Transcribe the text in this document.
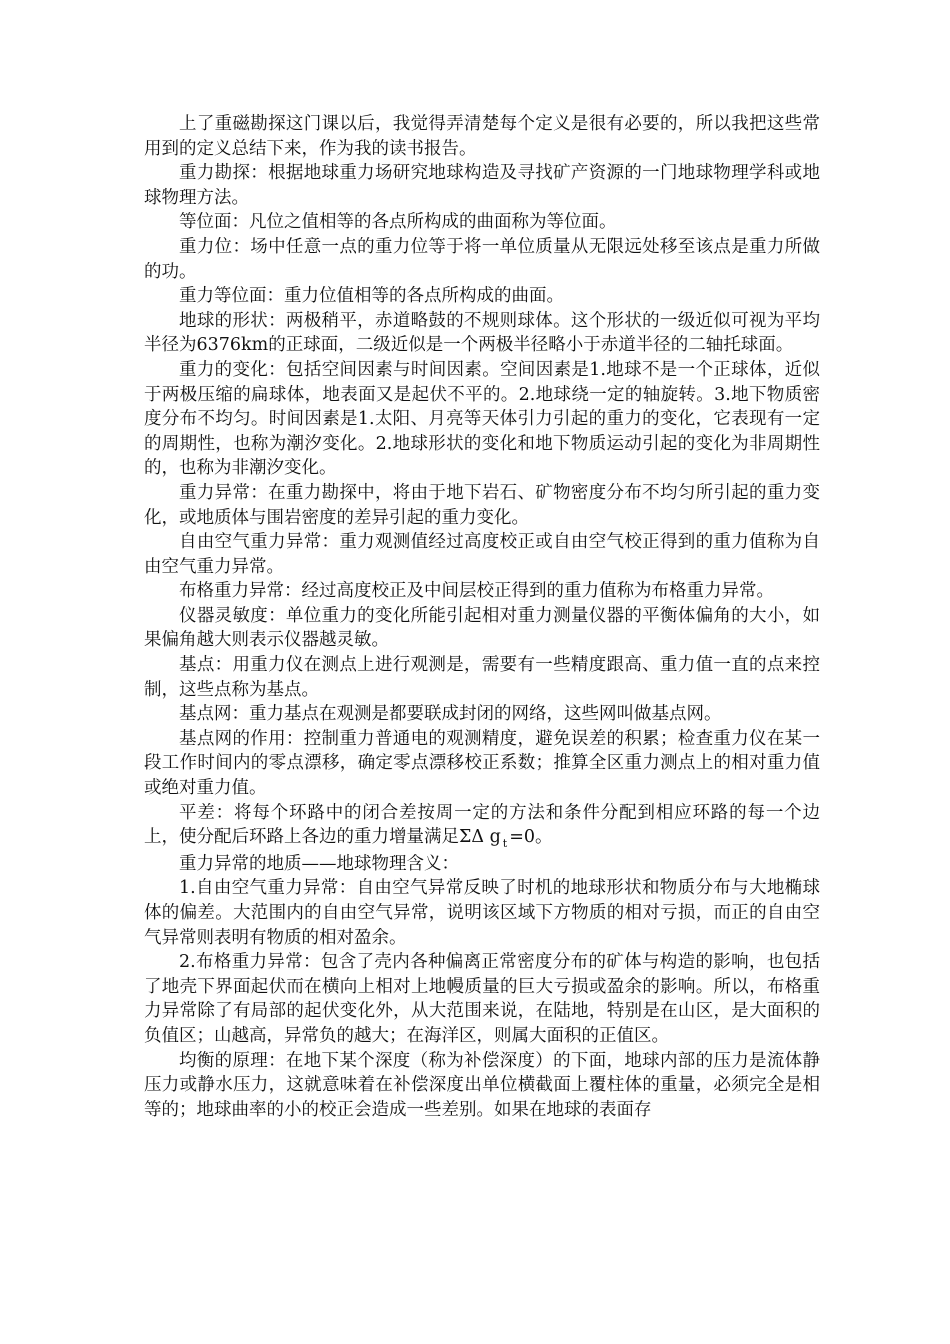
上了重磁勘探这门课以后，我觉得弄清楚每个定义是很有必要的，所以我把这些常用到的定义总结下来，作为我的读书报告。

重力勘探：根据地球重力场研究地球构造及寻找矿产资源的一门地球物理学科或地球物理方法。

等位面：凡位之值相等的各点所构成的曲面称为等位面。

重力位：场中任意一点的重力位等于将一单位质量从无限远处移至该点是重力所做的功。

重力等位面：重力位值相等的各点所构成的曲面。

地球的形状：两极稍平，赤道略鼓的不规则球体。这个形状的一级近似可视为平均半径为6376km的正球面，二级近似是一个两极半径略小于赤道半径的二轴托球面。

重力的变化：包括空间因素与时间因素。空间因素是1.地球不是一个正球体，近似于两极压缩的扁球体，地表面又是起伏不平的。2.地球绕一定的轴旋转。3.地下物质密度分布不均匀。时间因素是1.太阳、月亮等天体引力引起的重力的变化，它表现有一定的周期性，也称为潮汐变化。2.地球形状的变化和地下物质运动引起的变化为非周期性的，也称为非潮汐变化。

重力异常：在重力勘探中，将由于地下岩石、矿物密度分布不均匀所引起的重力变化，或地质体与围岩密度的差异引起的重力变化。

自由空气重力异常：重力观测值经过高度校正或自由空气校正得到的重力值称为自由空气重力异常。

布格重力异常：经过高度校正及中间层校正得到的重力值称为布格重力异常。

仪器灵敏度：单位重力的变化所能引起相对重力测量仪器的平衡体偏角的大小，如果偏角越大则表示仪器越灵敏。

基点：用重力仪在测点上进行观测是，需要有一些精度跟高、重力值一直的点来控制，这些点称为基点。

基点网：重力基点在观测是都要联成封闭的网络，这些网叫做基点网。

基点网的作用：控制重力普通电的观测精度，避免误差的积累；检查重力仪在某一段工作时间内的零点漂移，确定零点漂移校正系数；推算全区重力测点上的相对重力值或绝对重力值。

平差：将每个环路中的闭合差按周一定的方法和条件分配到相应环路的每一个边上，使分配后环路上各边的重力增量满足ΣΔ g $_t$ =0。

重力异常的地质——地球物理含义：

1.自由空气重力异常：自由空气异常反映了时机的地球形状和物质分布与大地椭球体的偏差。大范围内的自由空气异常，说明该区域下方物质的相对亏损，而正的自由空气异常则表明有物质的相对盈余。

2.布格重力异常：包含了壳内各种偏离正常密度分布的矿体与构造的影响，也包括了地壳下界面起伏而在横向上相对上地幔质量的巨大亏损或盈余的影响。所以，布格重力异常除了有局部的起伏变化外，从大范围来说，在陆地，特别是在山区，是大面积的负值区；山越高，异常负的越大；在海洋区，则属大面积的正值区。

均衡的原理：在地下某个深度（称为补偿深度）的下面，地球内部的压力是流体静压力或静水压力，这就意味着在补偿深度出单位横截面上覆柱体的重量，必须完全是相等的；地球曲率的小的校正会造成一些差别。如果在地球的表面存
